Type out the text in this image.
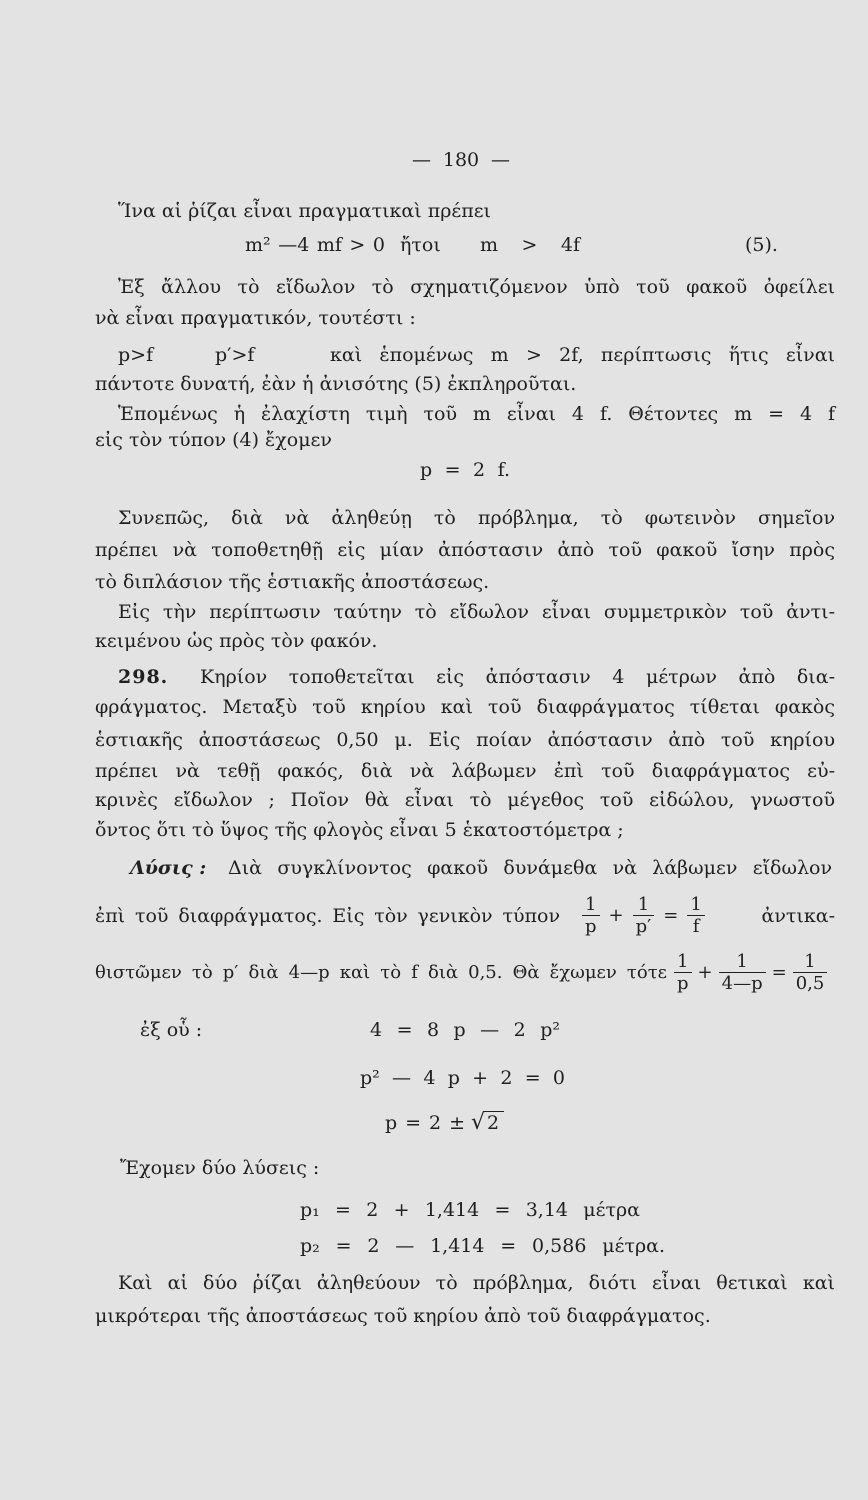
— 180 —
Ἵνα αἱ ῥίζαι εἶναι πραγματικαὶ πρέπει
m² —4 mf > 0 ἤτοι m > 4f	(5).
Ἐξ ἄλλου τὸ εἴδωλον τὸ σχηματιζόμενον ὑπὸ τοῦ φακοῦ ὀφείλει
νὰ εἶναι πραγματικόν, τουτέστι :
p>f	p′>f	καὶ ἑπομένως m > 2f, περίπτωσις ἥτις εἶναι
πάντοτε δυνατή, ἐὰν ἡ ἀνισότης (5) ἐκπληροῦται.
Ἑπομένως ἡ ἐλαχίστη τιμὴ τοῦ m εἶναι 4 f. Θέτοντες m = 4 f
εἰς τὸν τύπον (4) ἔχομεν
p = 2 f.
Συνεπῶς, διὰ νὰ ἀληθεύῃ τὸ πρόβλημα, τὸ φωτεινὸν σημεῖον
πρέπει νὰ τοποθετηθῇ εἰς μίαν ἀπόστασιν ἀπὸ τοῦ φακοῦ ἴσην πρὸς
τὸ διπλάσιον τῆς ἑστιακῆς ἀποστάσεως.
Εἰς τὴν περίπτωσιν ταύτην τὸ εἴδωλον εἶναι συμμετρικὸν τοῦ ἀντι-
κειμένου ὡς πρὸς τὸν φακόν.
298. Κηρίον τοποθετεῖται εἰς ἀπόστασιν 4 μέτρων ἀπὸ δια-
φράγματος. Μεταξὺ τοῦ κηρίου καὶ τοῦ διαφράγματος τίθεται φακὸς
ἑστιακῆς ἀποστάσεως 0,50 μ. Εἰς ποίαν ἀπόστασιν ἀπὸ τοῦ κηρίου
πρέπει νὰ τεθῇ φακός, διὰ νὰ λάβωμεν ἐπὶ τοῦ διαφράγματος εὐ-
κρινὲς εἴδωλον ; Ποῖον θὰ εἶναι τὸ μέγεθος τοῦ εἰδώλου, γνωστοῦ
ὄντος ὅτι τὸ ὕψος τῆς φλογὸς εἶναι 5 ἑκατοστόμετρα ;
Λύσις : Διὰ συγκλίνοντος φακοῦ δυνάμεθα νὰ λάβωμεν εἴδωλον
ἐπὶ τοῦ διαφράγματος. Εἰς τὸν γενικὸν τύπον $\frac{1}{p} + \frac{1}{p'} = \frac{1}{f}$	ἀντικα-
θιστῶμεν τὸ p′ διὰ 4—p καὶ τὸ f διὰ 0,5. Θὰ ἔχωμεν τότε $\frac{1}{p} + \frac{1}{4—p} = \frac{1}{0,5}$
ἐξ οὗ :	4 = 8 p — 2 p²
p² — 4 p + 2 = 0
p = 2 ± √ 2
Ἔχομεν δύο λύσεις :
p₁ = 2 + 1,414 = 3,14 μέτρα
p₂ = 2 — 1,414 = 0,586 μέτρα.
Καὶ αἱ δύο ῥίζαι ἀληθεύουν τὸ πρόβλημα, διότι εἶναι θετικαὶ καὶ
μικρότεραι τῆς ἀποστάσεως τοῦ κηρίου ἀπὸ τοῦ διαφράγματος.
